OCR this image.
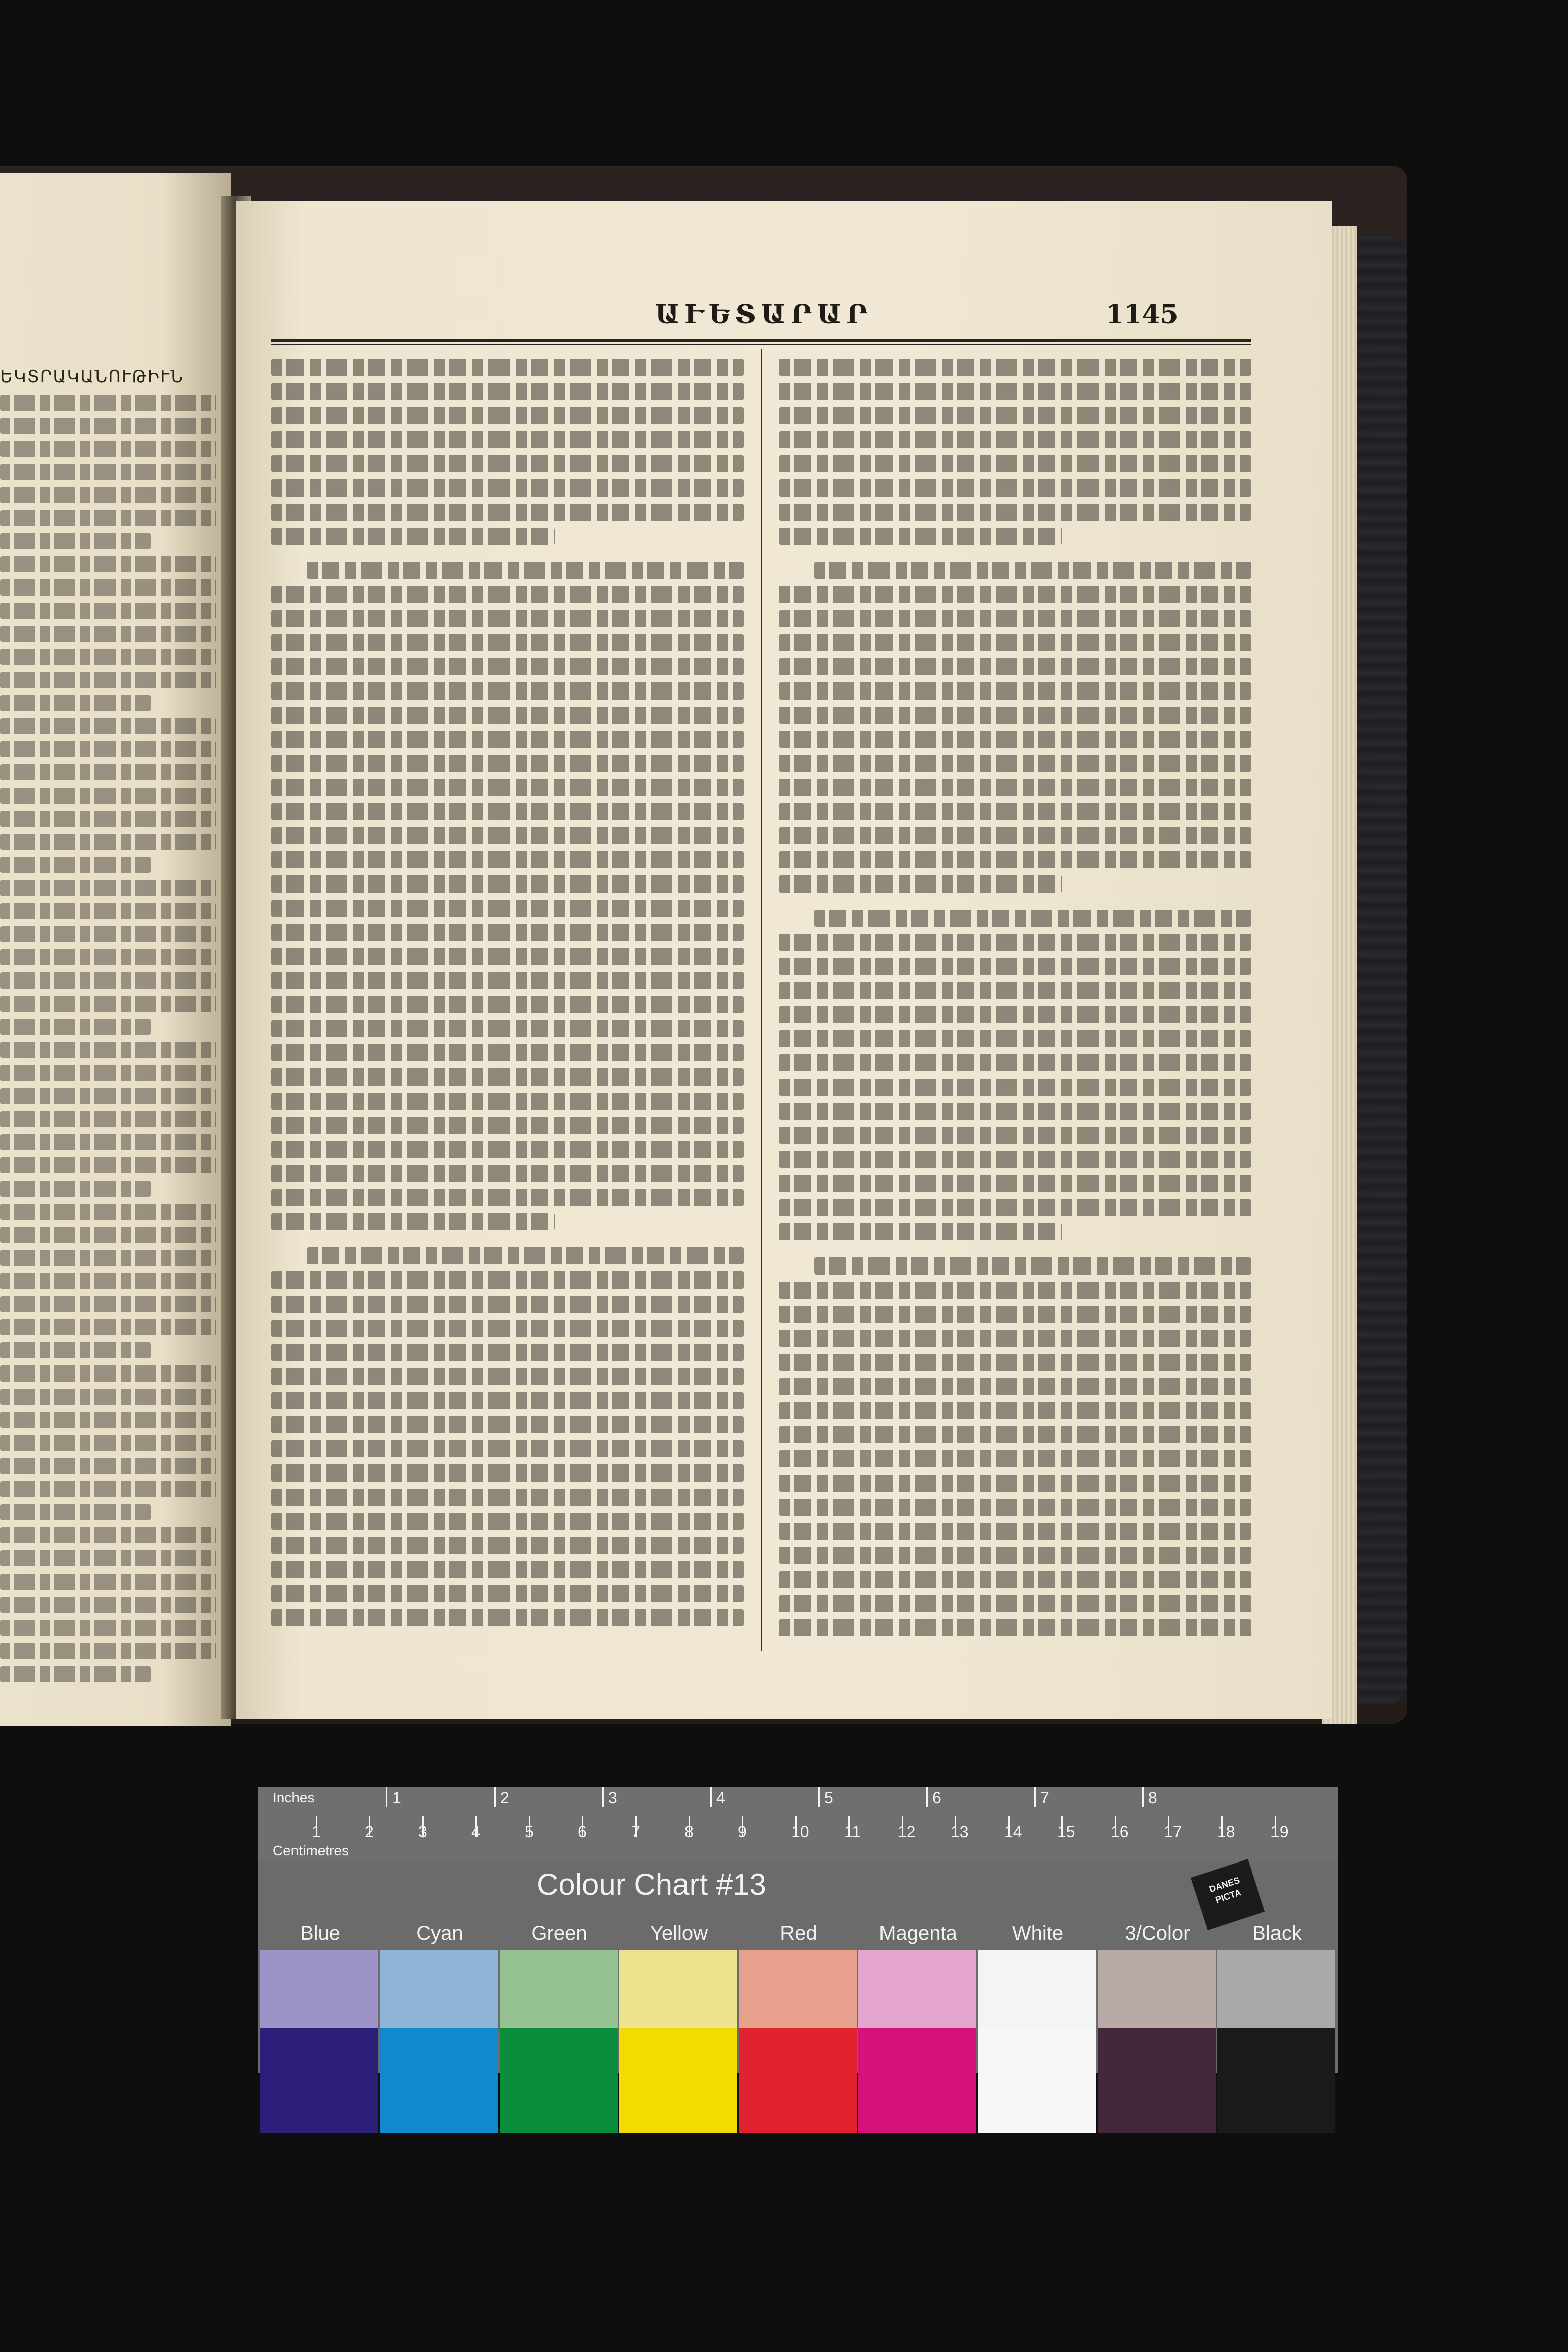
ԵԿՏՐԱԿԱՆՈՒԹԻՒՆ
ԱՒԵՏԱՐԱՐ	1145
Inches
Centimetres
1	2	3	4	5	6	7	8
1	2	3	4	5	6	7	8	9	10 11 12 13 14 15 16 17 18 19
Colour Chart #13	DANES PICTA
Blue	Cyan	Green	Yellow	Red	Magenta	White	3/Color	Black
